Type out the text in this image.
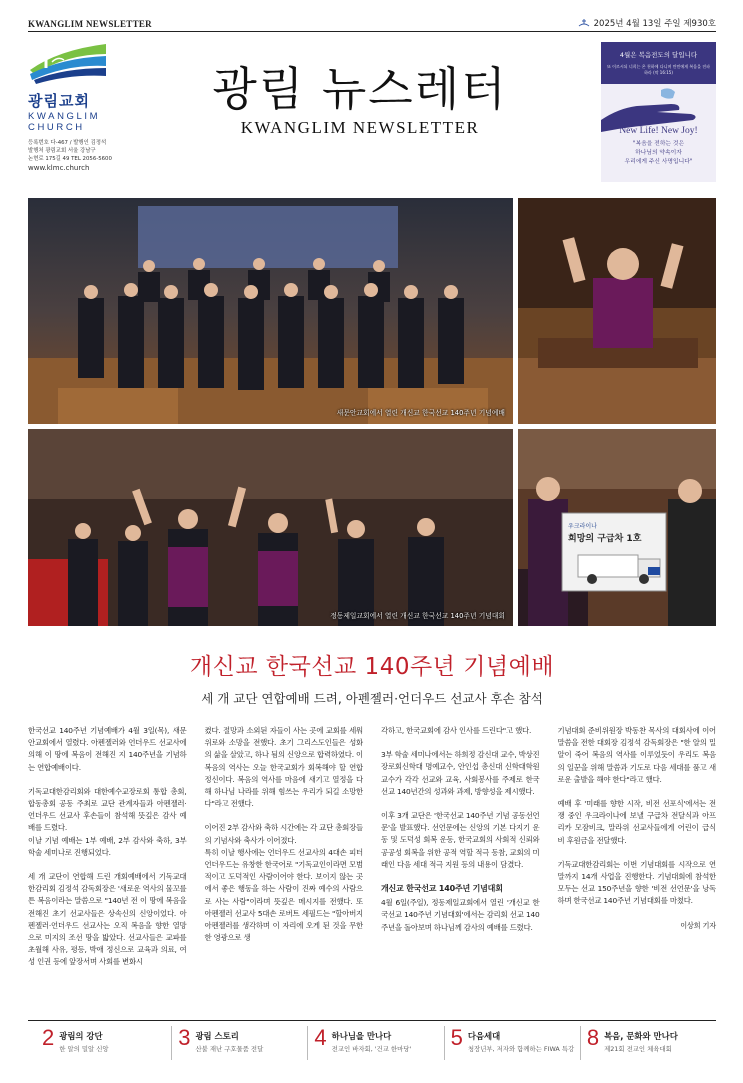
KWANGLIM NEWSLETTER	2025년 4월 13일 주일 제930호
광림교회
KWANGLIM
CHURCH
등록번호 다-467 / 발행인 김정석
발행처 광림교회 서울 강남구
논현로 175길 49 TEL 2056-5600
www.klmc.church
광림 뉴스레터
KWANGLIM NEWSLETTER
4월은 복음전도의 달입니다
또 이르시되 너희는 온 천하에 다니며 만민에게 복음을 전파하라 (막 16:15)
New Life! New Joy!
"복음을 전하는 것은
하나님의 약속이자
우리에게 주신 사명입니다"
새문안교회에서 열린 개신교 한국선교 140주년 기념예배
정동제일교회에서 열린 개신교 한국선교 140주년 기념대회
우크라이나
희망의 구급차 1호
개신교 한국선교 140주년 기념예배
세 개 교단 연합예배 드려, 아펜젤러·언더우드 선교사 후손 참석

한국선교 140주년 기념예배가 4월 3일(목), 새문안교회에서 열렸다. 아펜젤러와 언더우드 선교사에 의해 이 땅에 복음이 전해진 지 140주년을 기념하는 연합예배이다.

기독교대한감리회와 대한예수교장로회 통합 총회, 합동총회 공동 주최로 교단 관계자들과 아펜젤러·언더우드 선교사 후손들이 참석해 뜻깊은 감사 예배를 드렸다.

이날 기념 예배는 1부 예배, 2부 감사와 축하, 3부 학술 세미나로 진행되었다.

세 개 교단이 연합해 드린 개회예배에서 기독교대한감리회 김정석 감독회장은 '새로운 역사의 물꼬를 튼 복음이라는 말씀으로 "140년 전 이 땅에 복음을 전해진 초기 선교사들은 상속신의 신앙이었다. 아펜젤러·언더우드 선교사는 오직 복음을 향한 열망으로 미지의 조선 땅을 밟았다. 선교사들은 교파를 초월해 사유, 평등, 박애 정신으로 교육과 의료, 여성 인권 등에 앞장서며 사회를 변화시

켰다. 절망과 소외된 자들이 사는 곳에 교회를 세워 위로와 소망을 전했다. 초기 그리스도인들은 성화의 삶을 살았고, 하나 됨의 신앙으로 합력하였다. 이 복음의 역사는 오늘 한국교회가 회복해야 할 연합 정신이다. 복음의 역사를 마음에 새기고 열정을 다해 하나님 나라를 위해 힘쓰는 우리가 되길 소망한다"라고 전했다.

이어진 2부 감사와 축하 시간에는 각 교단 총회장들의 기념사와 축사가 이어졌다.

특히 이날 행사에는 언더우드 선교사의 4대손 피터 언더우드는 유창한 한국어로 "기독교인이라면 모범적이고 도덕적인 사람이어야 한다. 보이지 않는 곳에서 좋은 행동을 하는 사람이 진짜 예수의 사람으로 사는 사람"이라며 뜻깊은 메시지를 전했다. 또 아펜젤러 선교사 5대손 로버트 세필드는 "할아버지 아펜젤러를 생각하며 이 자리에 오게 된 것을 무한한 영광으로 생

각하고, 한국교회에 감사 인사를 드린다"고 했다.

3부 학술 세미나에서는 하희정 감신대 교수, 박상진 장로회신학대 명예교수, 안인섭 총신대 신학대학원 교수가 각각 선교와 교육, 사회봉사를 주제로 한국선교 140년간의 성과와 과제, 방향성을 제시했다.

이후 3개 교단은 '한국선교 140주년 기념 공동선언문'을 발표했다. 선언문에는 신앙의 기본 다지기 운동 및 도덕성 회복 운동, 한국교회의 사회적 신뢰와 공공성 회복을 위한 공적 역할 적극 동참, 교회의 미래인 다음 세대 적극 지원 등의 내용이 담겼다.

개신교 한국선교 140주년 기념대회

4월 6일(주일), 정동제일교회에서 열린 '개신교 한국선교 140주년 기념대회'에서는 감리회 선교 140주년을 돌아보며 하나님께 감사의 예배를 드렸다.

기념대회 준비위원장 박동찬 목사의 대회사에 이어 말씀을 전한 대회장 김정석 감독회장은 "한 알의 밀알이 죽어 복음의 역사를 이루었듯이 우리도 복음의 일꾼을 위해 말씀과 기도로 다음 세대를 품고 새로운 출발을 해야 한다"라고 했다.

예배 후 '미래를 향한 시작, 비전 선포식'에서는 전쟁 중인 우크라이나에 보낼 구급차 전달식과 아프리카 모잠비크, 말라위 선교사들에게 어린이 급식비 후원금을 전달했다.

기독교대한감리회는 이번 기념대회를 시작으로 연말까지 14개 사업을 진행한다. 기념대회에 참석한 모두는 선교 150주년을 향한 '비전 선언문'을 낭독하며 한국선교 140주년 기념대회를 마쳤다.

이상희 기자
2 광림의 강단
한 알의 밀알 신앙	3 광림 스토리
산불 재난 구호물품 전달 4 하나님을 만나다
전교인 바자회, '건교 한마당' 5 다음세대
청장년부, 저자와 함께하는 FIWA 특강 8 복음, 문화와 만나다
제21회 전교인 체육대회
